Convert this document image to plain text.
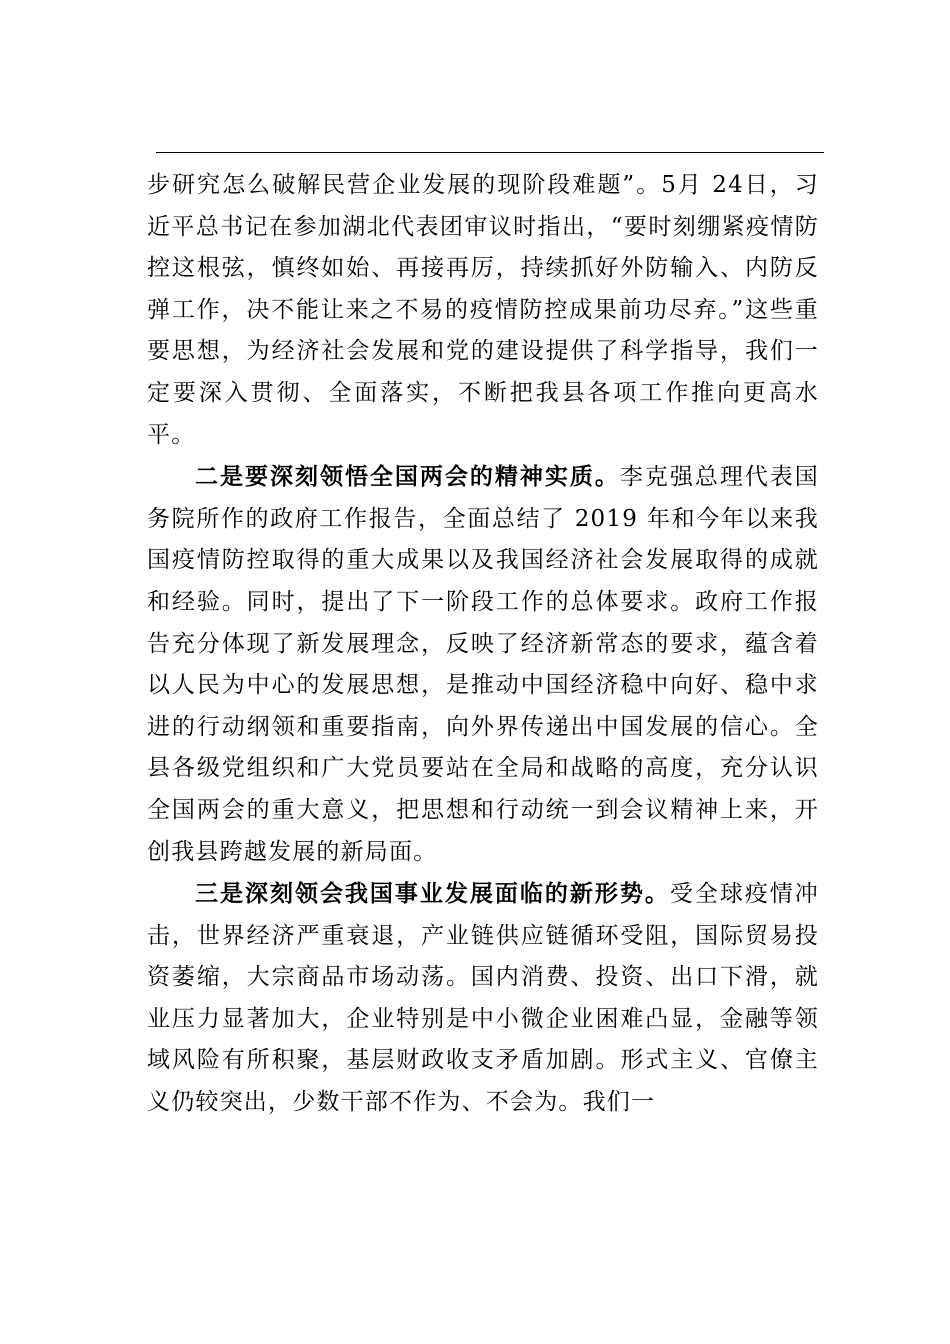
步研究怎么破解民营企业发展的现阶段难题”。5月 24日，习近平总书记在参加湖北代表团审议时指出，“要时刻绷紧疫情防控这根弦，慎终如始、再接再厉，持续抓好外防输入、内防反弹工作，决不能让来之不易的疫情防控成果前功尽弃。”这些重要思想，为经济社会发展和党的建设提供了科学指导，我们一定要深入贯彻、全面落实，不断把我县各项工作推向更高水平。

二是要深刻领悟全国两会的精神实质。李克强总理代表国务院所作的政府工作报告，全面总结了 2019 年和今年以来我国疫情防控取得的重大成果以及我国经济社会发展取得的成就和经验。同时，提出了下一阶段工作的总体要求。政府工作报告充分体现了新发展理念，反映了经济新常态的要求，蕴含着以人民为中心的发展思想，是推动中国经济稳中向好、稳中求进的行动纲领和重要指南，向外界传递出中国发展的信心。全县各级党组织和广大党员要站在全局和战略的高度，充分认识全国两会的重大意义，把思想和行动统一到会议精神上来，开创我县跨越发展的新局面。

三是深刻领会我国事业发展面临的新形势。受全球疫情冲击，世界经济严重衰退，产业链供应链循环受阻，国际贸易投资萎缩，大宗商品市场动荡。国内消费、投资、出口下滑，就业压力显著加大，企业特别是中小微企业困难凸显，金融等领域风险有所积聚，基层财政收支矛盾加剧。形式主义、官僚主义仍较突出，少数干部不作为、不会为。我们一
